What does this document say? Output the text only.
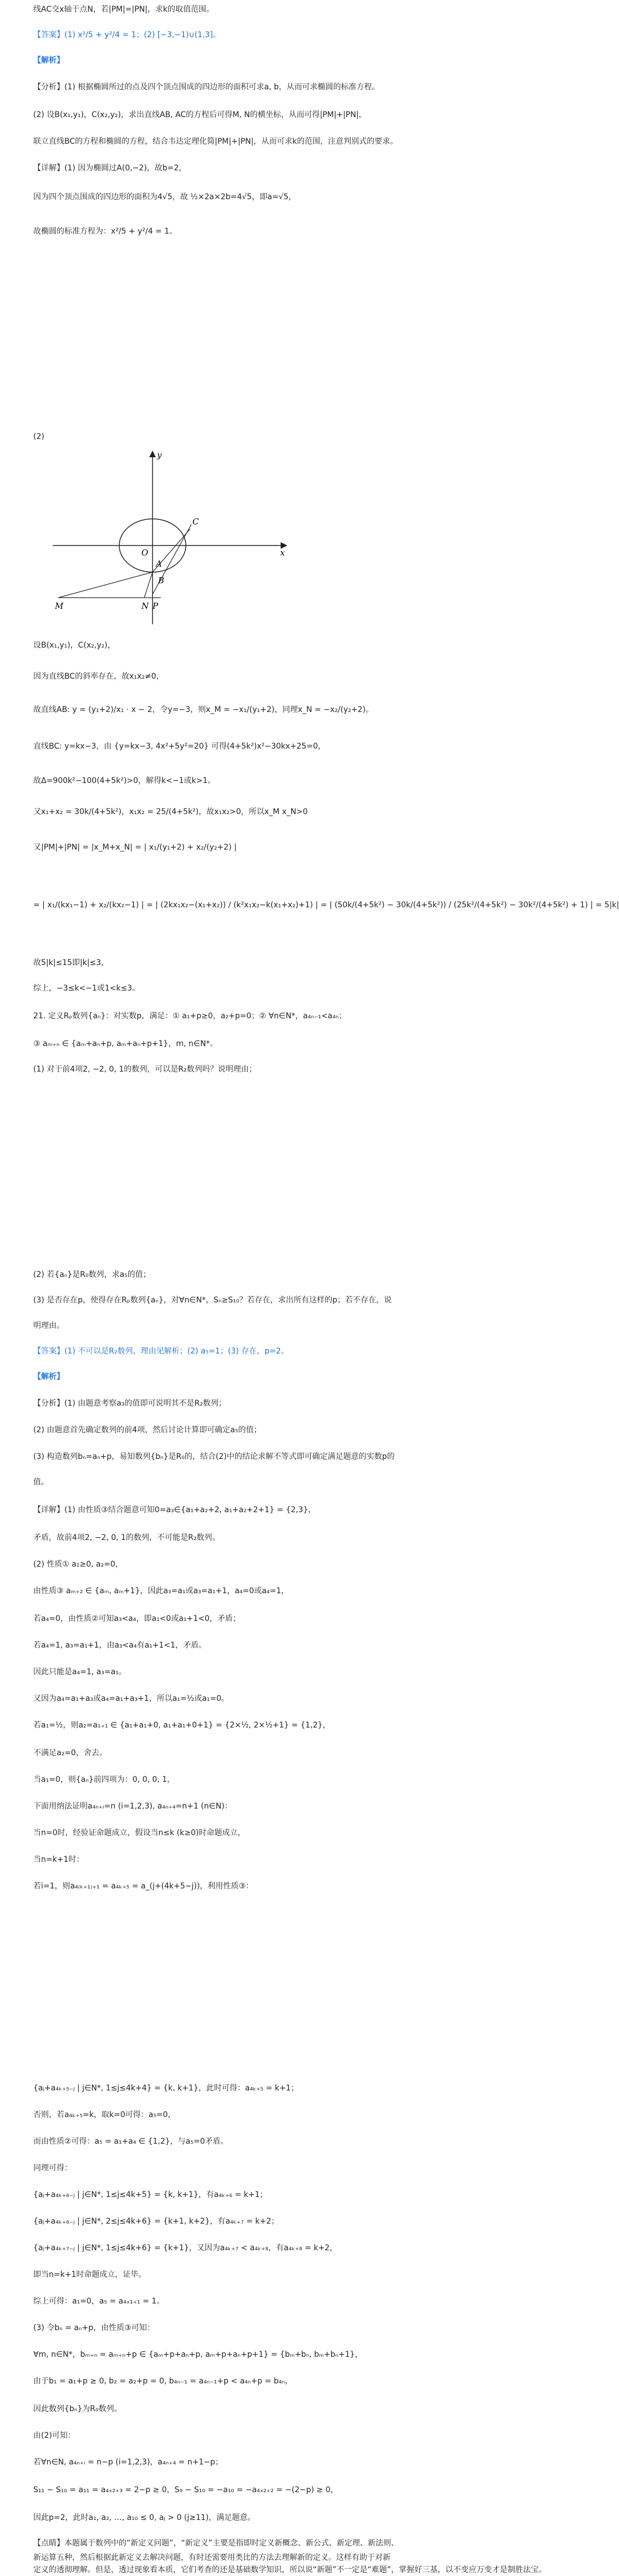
线AC交x轴于点N，若|PM|=|PN|，求k的取值范围。
【答案】(1) x²/5 + y²/4 = 1；(2) [−3,−1)∪(1,3]。
【解析】
【分析】(1) 根据椭圆所过的点及四个顶点围成的四边形的面积可求a, b，从而可求椭圆的标准方程。
(2) 设B(x₁,y₁)，C(x₂,y₂)，求出直线AB, AC的方程后可得M, N的横坐标，从而可得|PM|+|PN|，
联立直线BC的方程和椭圆的方程，结合韦达定理化简|PM|+|PN|，从而可求k的范围，注意判别式的要求。
【详解】(1) 因为椭圆过A(0,−2)，故b=2，
因为四个顶点围成的四边形的面积为4√5，故 ½×2a×2b=4√5，即a=√5，
故椭圆的标准方程为：x²/5 + y²/4 = 1。
(2)
设B(x₁,y₁)，C(x₂,y₂)，
因为直线BC的斜率存在，故x₁x₂≠0，
故直线AB: y = (y₁+2)/x₁ · x − 2，令y=−3，则x_M = −x₁/(y₁+2)，同理x_N = −x₂/(y₂+2)。
直线BC: y=kx−3，由 {y=kx−3, 4x²+5y²=20} 可得(4+5k²)x²−30kx+25=0，
故Δ=900k²−100(4+5k²)>0，解得k<−1或k>1。
又x₁+x₂ = 30k/(4+5k²)，x₁x₂ = 25/(4+5k²)，故x₁x₂>0，所以x_M x_N>0
又|PM|+|PN| = |x_M+x_N| = | x₁/(y₁+2) + x₂/(y₂+2) |
= | x₁/(kx₁−1) + x₂/(kx₂−1) | = | (2kx₁x₂−(x₁+x₂)) / (k²x₁x₂−k(x₁+x₂)+1) | = | (50k/(4+5k²) − 30k/(4+5k²)) / (25k²/(4+5k²) − 30k²/(4+5k²) + 1) | = 5|k|
故5|k|≤15即|k|≤3，
综上，−3≤k<−1或1<k≤3。
21. 定义Rₚ数列{aₙ}：对实数p，满足：① a₁+p≥0，a₂+p=0；② ∀n∈N*，a₄ₙ₋₁<a₄ₙ；
③ aₘ₊ₙ ∈ {aₘ+aₙ+p, aₘ+aₙ+p+1}，m, n∈N*。
(1) 对于前4项2, −2, 0, 1的数列，可以是R₂数列吗？说明理由；
(2) 若{aₙ}是R₀数列，求a₅的值；
(3) 是否存在p，使得存在Rₚ数列{aₙ}，对∀n∈N*，Sₙ≥S₁₀？若存在，求出所有这样的p；若不存在，说
明理由。
【答案】(1) 不可以是R₂数列，理由见解析；(2) a₅=1；(3) 存在，p=2。
【解析】
【分析】(1) 由题意考察a₃的值即可说明其不是R₂数列；
(2) 由题意首先确定数列的前4项，然后讨论计算即可确定a₅的值；
(3) 构造数列bₙ=aₙ+p，易知数列{bₙ}是R₀的，结合(2)中的结论求解不等式即可确定满足题意的实数p的
值。
【详解】(1) 由性质③结合题意可知0=a₃∈{a₁+a₂+2, a₁+a₂+2+1} = {2,3}，
矛盾，故前4项2, −2, 0, 1的数列，不可能是R₂数列。
(2) 性质① a₁≥0, a₂=0，
由性质③ aₘ₊₂ ∈ {aₘ, aₘ+1}，因此a₃=a₁或a₃=a₁+1，a₄=0或a₄=1，
若a₄=0，由性质②可知a₃<a₄，即a₁<0或a₁+1<0，矛盾；
若a₄=1, a₃=a₁+1，由a₃<a₄有a₁+1<1，矛盾。
因此只能是a₄=1, a₃=a₁。
又因为a₄=a₁+a₃或a₄=a₁+a₃+1，所以a₁=½或a₁=0。
若a₁=½，则a₂=a₁₊₁ ∈ {a₁+a₁+0, a₁+a₁+0+1} = {2×½, 2×½+1} = {1,2}，
不满足a₂=0，舍去。
当a₁=0，则{aₙ}前四项为：0, 0, 0, 1，
下面用纳法证明a₄ₙ₊ᵢ=n (i=1,2,3), a₄ₙ₊₄=n+1 (n∈N)：
当n=0时，经验证命题成立，假设当n≤k (k≥0)时命题成立，
当n=k+1时：
若i=1，则a₄₍ₖ₊₁₎₊₁ = a₄ₖ₊₅ = a_(j+(4k+5−j))，利用性质③：
{aⱼ+a₄ₖ₊₅₋ⱼ | j∈N*, 1≤j≤4k+4} = {k, k+1}，此时可得：a₄ₖ₊₅ = k+1；
否则，若a₄ₖ₊₅=k，取k=0可得：a₅=0，
而由性质②可得：a₅ = a₁+a₄ ∈ {1,2}，与a₅=0矛盾。
同理可得：
{aⱼ+a₄ₖ₊₆₋ⱼ | j∈N*, 1≤j≤4k+5} = {k, k+1}，有a₄ₖ₊₆ = k+1；
{aⱼ+a₄ₖ₊₆₋ⱼ | j∈N*, 2≤j≤4k+6} = {k+1, k+2}，有a₄ₖ₊₇ = k+2；
{aⱼ+a₄ₖ₊₇₋ⱼ | j∈N*, 1≤j≤4k+6} = {k+1}，又因为a₄ₖ₊₇ < a₄ₖ₊₈，有a₄ₖ₊₈ = k+2，
即当n=k+1时命题成立，证毕。
综上可得：a₁=0，a₅ = a₄ₓ₁₊₁ = 1。
(3) 令bₙ = aₙ+p，由性质③可知：
∀m, n∈N*，bₘ₊ₙ = aₘ₊ₙ+p ∈ {aₘ+p+aₙ+p, aₘ+p+aₙ+p+1} = {bₘ+bₙ, bₘ+bₙ+1}，
由于b₁ = a₁+p ≥ 0, b₂ = a₂+p = 0, b₄ₙ₋₁ = a₄ₙ₋₁+p < a₄ₙ+p = b₄ₙ，
因此数列{bₙ}为R₀数列。
由(2)可知：
若∀n∈N, a₄ₙ₊ᵢ = n−p (i=1,2,3)，a₄ₙ₊₄ = n+1−p；
S₁₁ − S₁₀ = a₁₁ = a₄ₓ₂₊₃ = 2−p ≥ 0，S₉ − S₁₀ = −a₁₀ = −a₄ₓ₂₊₂ = −(2−p) ≥ 0，
因此p=2，此时a₁, a₂, …, a₁₀ ≤ 0, aⱼ > 0 (j≥11)，满足题意。
【点睛】本题属于数列中的“新定义问题”，“新定义”主要是指即时定义新概念、新公式、新定理、新法则、
新运算五种，然后根据此新定义去解决问题，有时还需要用类比的方法去理解新的定义。这样有助于对新
定义的透彻理解。但是，透过现象看本质，它们考查的还是基础数学知识，所以说“新题”不一定是“难题”，掌握好三基，以不变应万变才是制胜法宝。
y
x
C
O
A
B
M	N P
